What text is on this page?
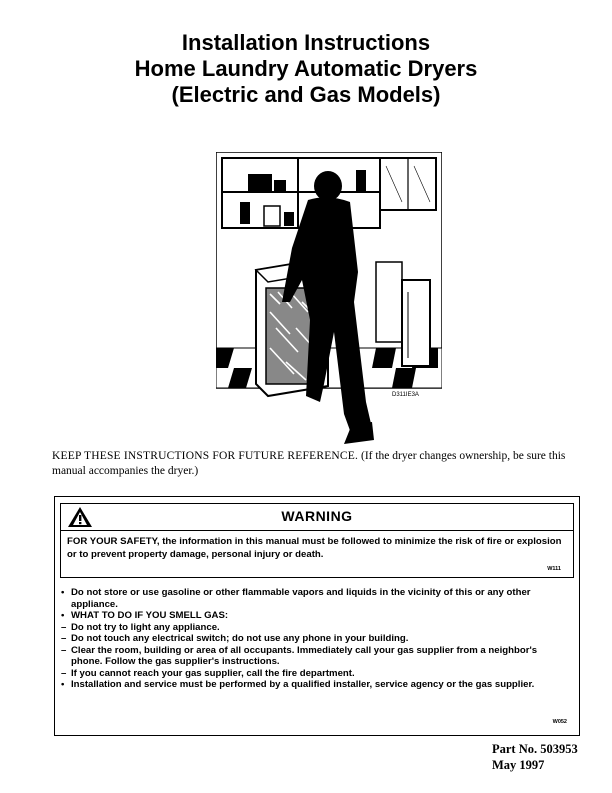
Installation Instructions
Home Laundry Automatic Dryers
(Electric and Gas Models)
D311IE3A
KEEP THESE INSTRUCTIONS FOR FUTURE REFERENCE. (If the dryer changes ownership, be sure this manual accompanies the dryer.)
WARNING
FOR YOUR SAFETY, the information in this manual must be followed to minimize the risk of fire or explosion or to prevent property damage, personal injury or death.
W111
• Do not store or use gasoline or other flammable vapors and liquids in the vicinity of this or any other appliance.
• WHAT TO DO IF YOU SMELL GAS:
– Do not try to light any appliance.
– Do not touch any electrical switch; do not use any phone in your building.
– Clear the room, building or area of all occupants. Immediately call your gas supplier from a neighbor's phone. Follow the gas supplier's instructions.
– If you cannot reach your gas supplier, call the fire department.
• Installation and service must be performed by a qualified installer, service agency or the gas supplier.
W052
Part No. 503953
May 1997
